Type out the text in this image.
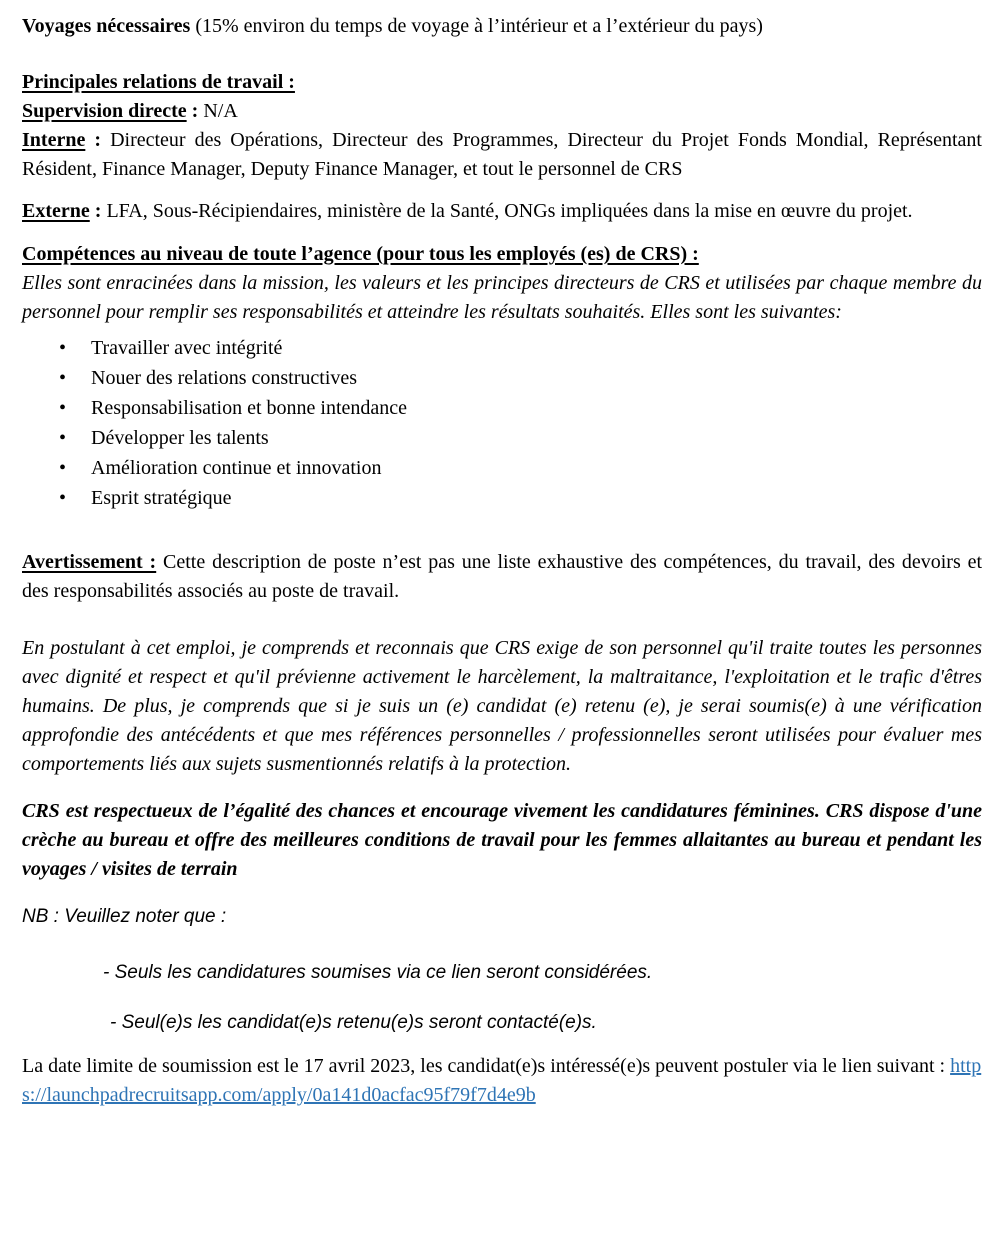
Voyages nécessaires (15% environ du temps de voyage à l’intérieur et a l’extérieur du pays)

Principales relations de travail :

Supervision directe : N/A

Interne : Directeur des Opérations, Directeur des Programmes, Directeur du Projet Fonds Mondial, Représentant Résident, Finance Manager, Deputy Finance Manager, et tout le personnel de CRS

Externe : LFA, Sous-Récipiendaires, ministère de la Santé, ONGs impliquées dans la mise en œuvre du projet.

Compétences au niveau de toute l’agence (pour tous les employés (es) de CRS) :

Elles sont enracinées dans la mission, les valeurs et les principes directeurs de CRS et utilisées par chaque membre du personnel pour remplir ses responsabilités et atteindre les résultats souhaités. Elles sont les suivantes:

• Travailler avec intégrité
• Nouer des relations constructives
• Responsabilisation et bonne intendance
• Développer les talents
• Amélioration continue et innovation
• Esprit stratégique

Avertissement : Cette description de poste n’est pas une liste exhaustive des compétences, du travail, des devoirs et des responsabilités associés au poste de travail.

En postulant à cet emploi, je comprends et reconnais que CRS exige de son personnel qu'il traite toutes les personnes avec dignité et respect et qu'il prévienne activement le harcèlement, la maltraitance, l'exploitation et le trafic d'êtres humains. De plus, je comprends que si je suis un (e) candidat (e) retenu (e), je serai soumis(e) à une vérification approfondie des antécédents et que mes références personnelles / professionnelles seront utilisées pour évaluer mes comportements liés aux sujets susmentionnés relatifs à la protection.

CRS est respectueux de l’égalité des chances et encourage vivement les candidatures féminines. CRS dispose d'une crèche au bureau et offre des meilleures conditions de travail pour les femmes allaitantes au bureau et pendant les voyages / visites de terrain

NB : Veuillez noter que :

- Seuls les candidatures soumises via ce lien seront considérées.

- Seul(e)s les candidat(e)s retenu(e)s seront contacté(e)s.

La date limite de soumission est le 17 avril 2023, les candidat(e)s intéressé(e)s peuvent postuler via le lien suivant : https://launchpadrecruitsapp.com/apply/0a141d0acfac95f79f7d4e9b
